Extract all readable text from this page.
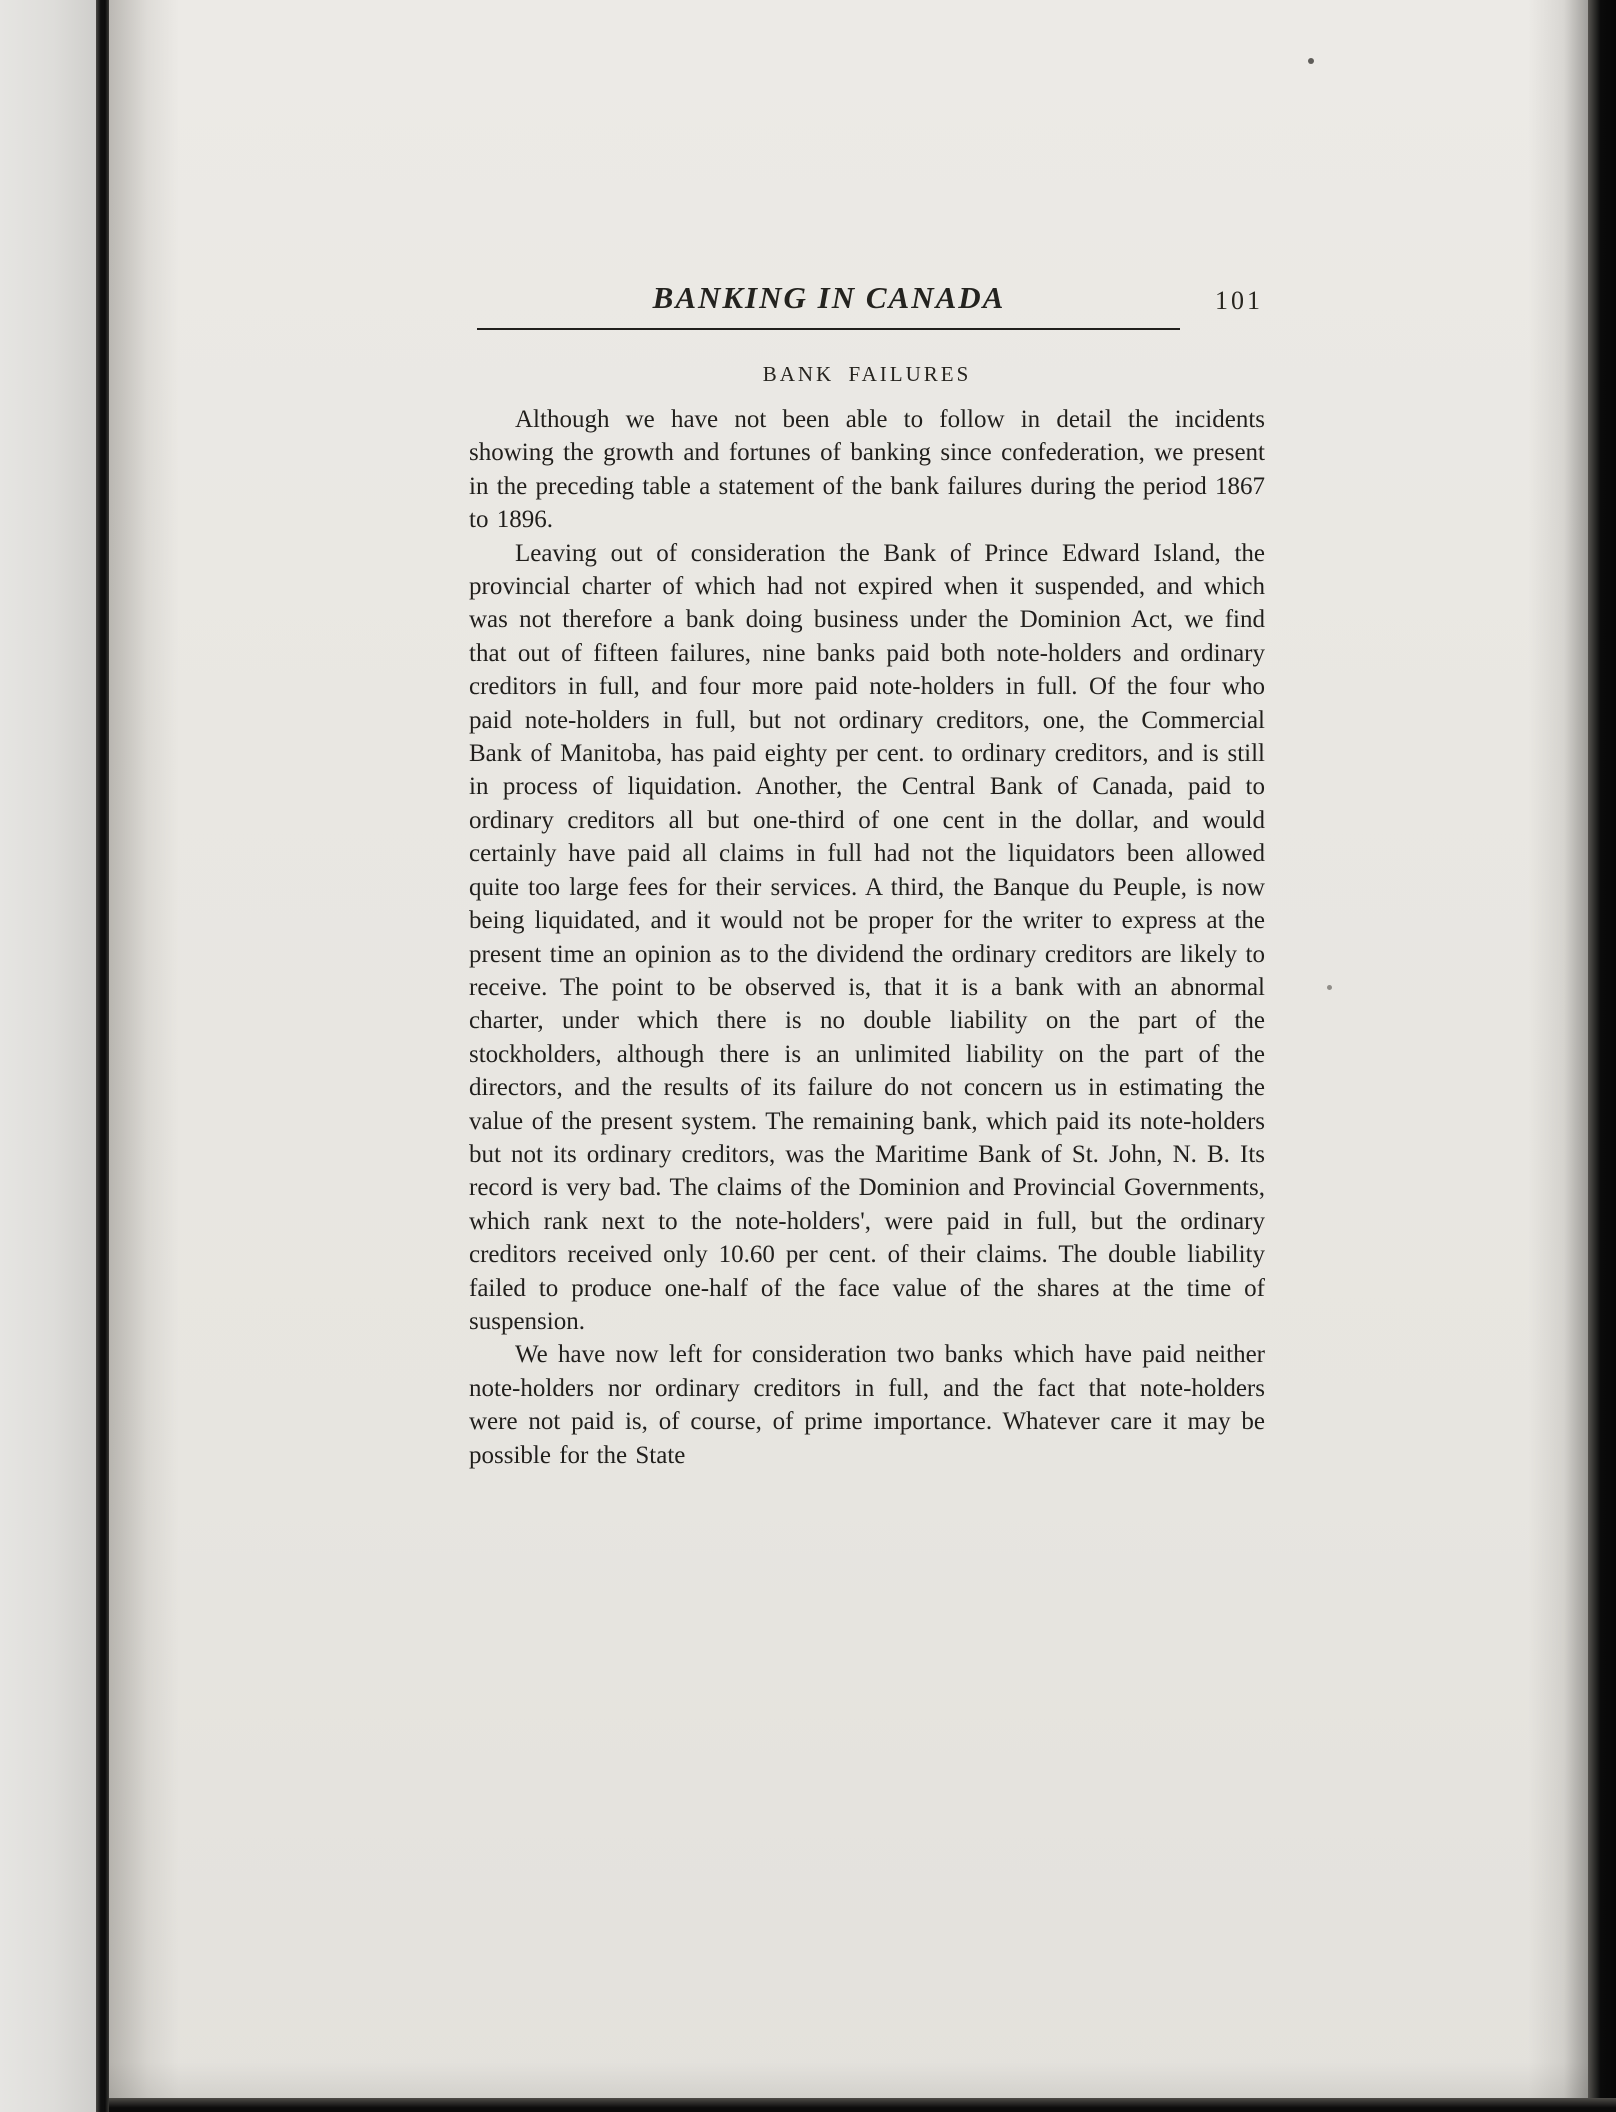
BANKING IN CANADA	101
BANK FAILURES

Although we have not been able to follow in detail the incidents showing the growth and fortunes of banking since confederation, we present in the preceding table a statement of the bank failures during the period 1867 to 1896.

Leaving out of consideration the Bank of Prince Edward Island, the provincial charter of which had not expired when it suspended, and which was not therefore a bank doing business under the Dominion Act, we find that out of fifteen failures, nine banks paid both note-holders and ordinary creditors in full, and four more paid note-holders in full. Of the four who paid note-holders in full, but not ordinary creditors, one, the Commercial Bank of Manitoba, has paid eighty per cent. to ordinary creditors, and is still in process of liquidation. Another, the Central Bank of Canada, paid to ordinary creditors all but one-third of one cent in the dollar, and would certainly have paid all claims in full had not the liquidators been allowed quite too large fees for their services. A third, the Banque du Peuple, is now being liquidated, and it would not be proper for the writer to express at the present time an opinion as to the dividend the ordinary creditors are likely to receive. The point to be observed is, that it is a bank with an abnormal charter, under which there is no double liability on the part of the stockholders, although there is an unlimited liability on the part of the directors, and the results of its failure do not concern us in estimating the value of the present system. The remaining bank, which paid its note-holders but not its ordinary creditors, was the Maritime Bank of St. John, N. B. Its record is very bad. The claims of the Dominion and Provincial Governments, which rank next to the note-holders', were paid in full, but the ordinary creditors received only 10.60 per cent. of their claims. The double liability failed to produce one-half of the face value of the shares at the time of suspension.

We have now left for consideration two banks which have paid neither note-holders nor ordinary creditors in full, and the fact that note-holders were not paid is, of course, of prime importance. Whatever care it may be possible for the State
